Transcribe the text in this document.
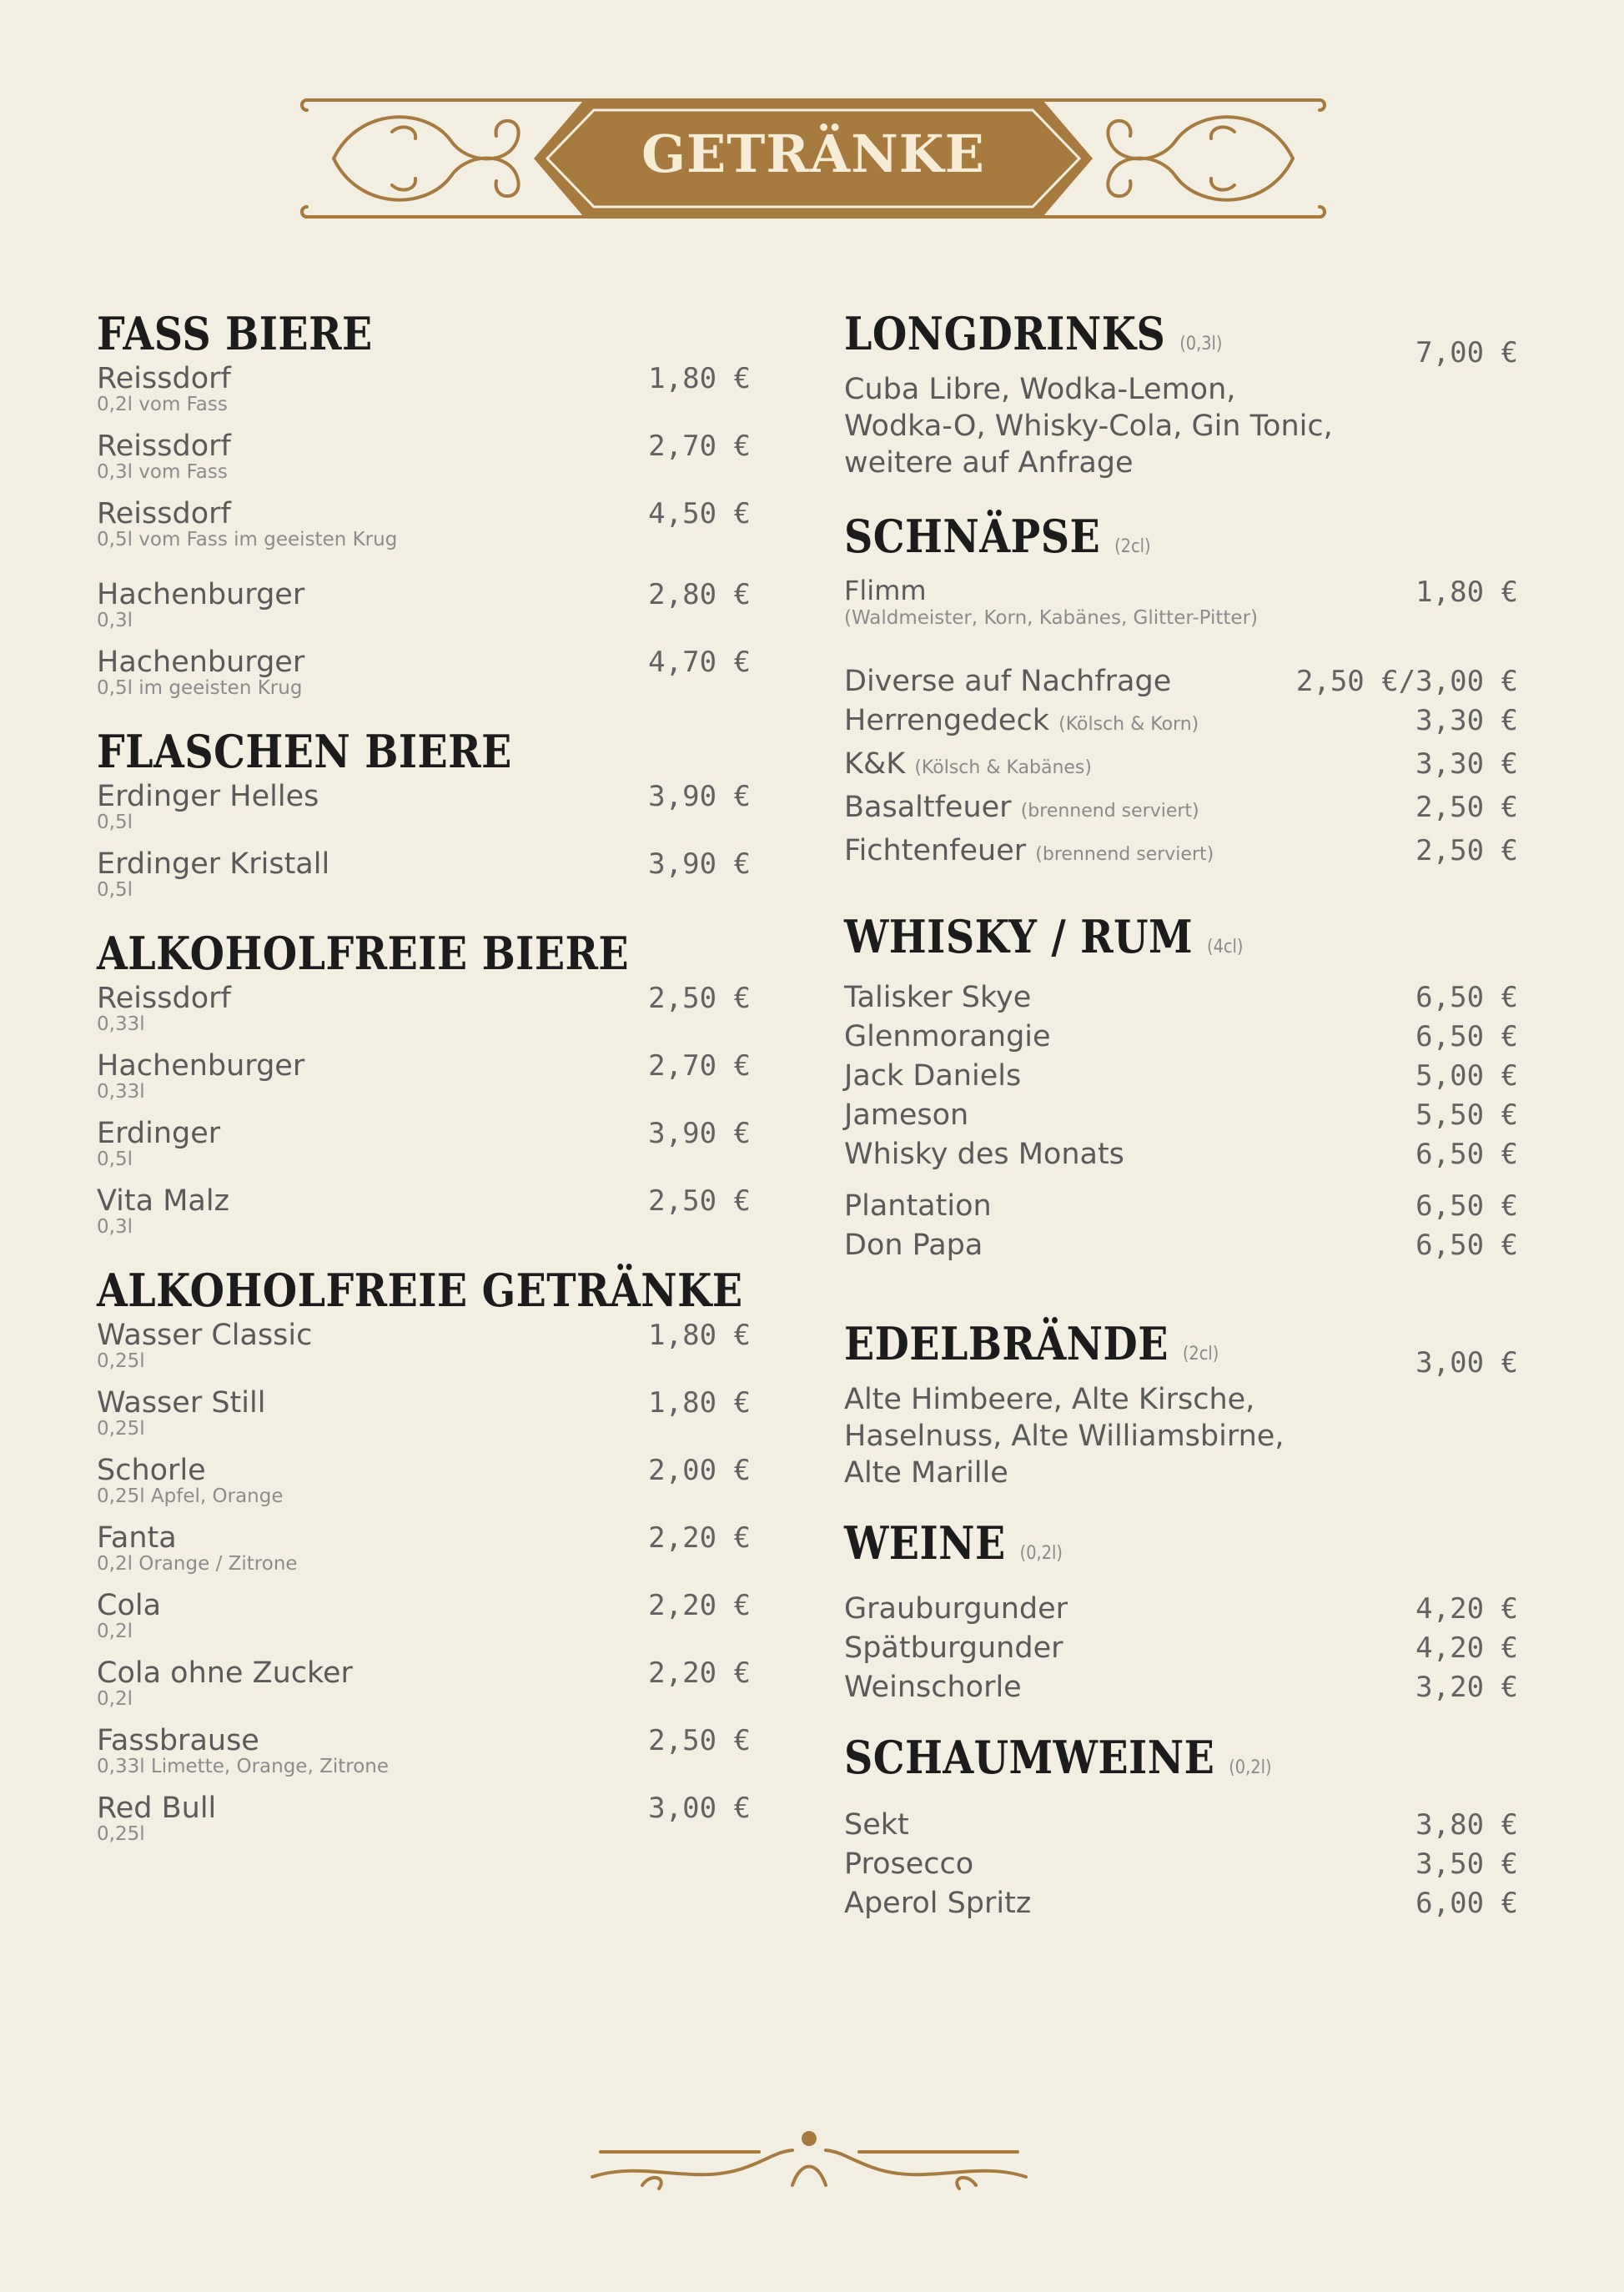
GETRÄNKE
FASS BIERE
Reissdorf	1,80 €
0,2l vom Fass
Reissdorf	2,70 €
0,3l vom Fass
Reissdorf	4,50 €
0,5l vom Fass im geeisten Krug
Hachenburger	2,80 €
0,3l
Hachenburger	4,70 €
0,5l im geeisten Krug
FLASCHEN BIERE
Erdinger Helles	3,90 €
0,5l
Erdinger Kristall	3,90 €
0,5l
ALKOHOLFREIE BIERE
Reissdorf	2,50 €
0,33l
Hachenburger	2,70 €
0,33l
Erdinger	3,90 €
0,5l
Vita Malz	2,50 €
0,3l
ALKOHOLFREIE GETRÄNKE
Wasser Classic	1,80 €
0,25l
Wasser Still	1,80 €
0,25l
Schorle	2,00 €
0,25l Apfel, Orange
Fanta	2,20 €
0,2l Orange / Zitrone
Cola	2,20 €
0,2l
Cola ohne Zucker	2,20 €
0,2l
Fassbrause	2,50 €
0,33l Limette, Orange, Zitrone
Red Bull	3,00 €
0,25l
LONGDRINKS (0,3l)	7,00 €
Cuba Libre, Wodka-Lemon,
Wodka-O, Whisky-Cola, Gin Tonic,
weitere auf Anfrage
SCHNÄPSE (2cl)
Flimm	1,80 €
(Waldmeister, Korn, Kabänes, Glitter-Pitter)
Diverse auf Nachfrage	2,50 €/3,00 €
Herrengedeck (Kölsch & Korn)	3,30 €
K&K (Kölsch & Kabänes)	3,30 €
Basaltfeuer (brennend serviert)	2,50 €
Fichtenfeuer (brennend serviert)	2,50 €
WHISKY / RUM (4cl)
Talisker Skye	6,50 €
Glenmorangie	6,50 €
Jack Daniels	5,00 €
Jameson	5,50 €
Whisky des Monats	6,50 €
Plantation	6,50 €
Don Papa	6,50 €
EDELBRÄNDE (2cl)	3,00 €
Alte Himbeere, Alte Kirsche,
Haselnuss, Alte Williamsbirne,
Alte Marille
WEINE (0,2l)
Grauburgunder	4,20 €
Spätburgunder	4,20 €
Weinschorle	3,20 €
SCHAUMWEINE (0,2l)
Sekt	3,80 €
Prosecco	3,50 €
Aperol Spritz	6,00 €
